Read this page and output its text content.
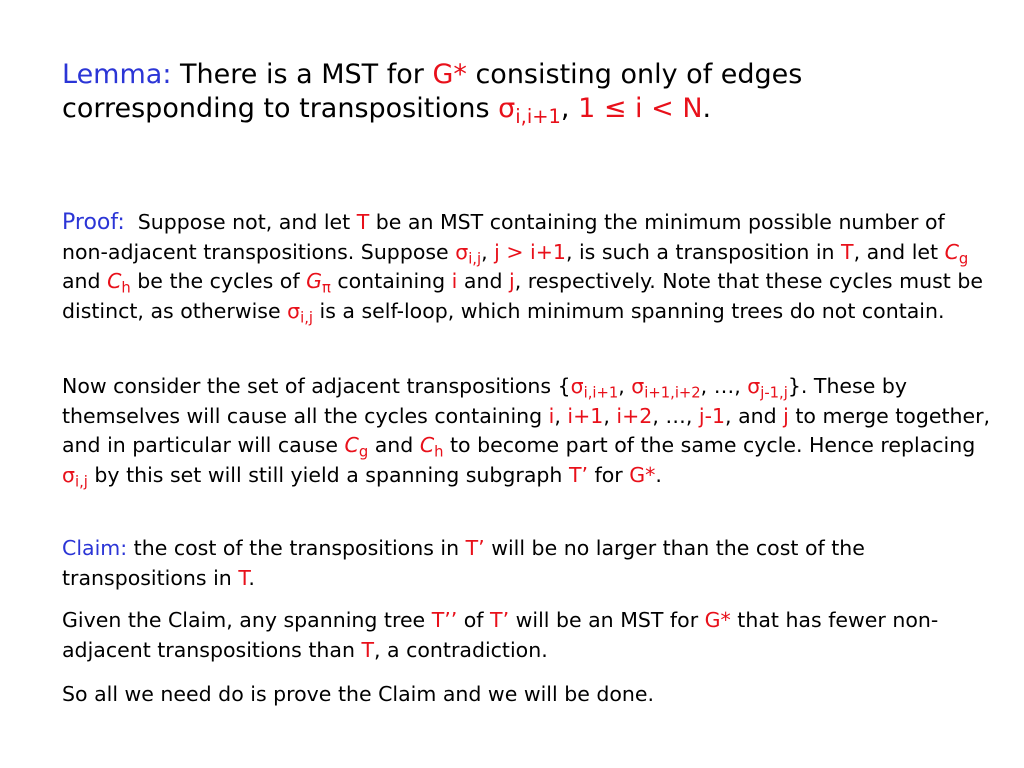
Lemma: There is a MST for G* consisting only of edges corresponding to transpositions $\sigma_{i,i+1}$, 1 ≤ i < N.

Proof: Suppose not, and let T be an MST containing the minimum possible number of non-adjacent transpositions. Suppose $\sigma_{i,j}$, j > i+1, is such a transposition in T, and let $C_g$ and $C_h$ be the cycles of $G_\pi$ containing i and j, respectively. Note that these cycles must be distinct, as otherwise $\sigma_{i,j}$ is a self-loop, which minimum spanning trees do not contain.

Now consider the set of adjacent transpositions {$\sigma_{i,i+1}$, $\sigma_{i+1,i+2}$, …, $\sigma_{j-1,j}$}. These by themselves will cause all the cycles containing i, i+1, i+2, …, j-1, and j to merge together, and in particular will cause $C_g$ and $C_h$ to become part of the same cycle. Hence replacing $\sigma_{i,j}$ by this set will still yield a spanning subgraph T’ for G*.

Claim: the cost of the transpositions in T’ will be no larger than the cost of the transpositions in T.

Given the Claim, any spanning tree T’’ of T’ will be an MST for G* that has fewer non-adjacent transpositions than T, a contradiction.

So all we need do is prove the Claim and we will be done.
